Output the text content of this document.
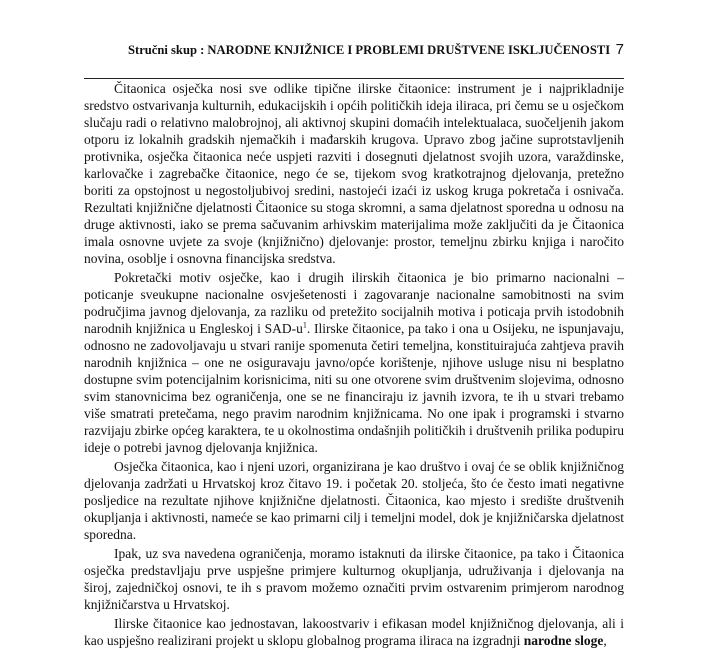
Stručni skup : NARODNE KNJIŽNICE I PROBLEMI DRUŠTVENE ISKLJUČENOSTI 7

Čitaonica osječka nosi sve odlike tipične ilirske čitaonice: instrument je i najprikladnije sredstvo ostvarivanja kulturnih, edukacijskih i općih političkih ideja iliraca, pri čemu se u osječkom slučaju radi o relativno malobrojnoj, ali aktivnoj skupini domaćih intelektualaca, suočeljenih jakom otporu iz lokalnih gradskih njemačkih i mađarskih krugova. Upravo zbog jačine suprotstavljenih protivnika, osječka čitaonica neće uspjeti razviti i dosegnuti djelatnost svojih uzora, varaždinske, karlovačke i zagrebačke čitaonice, nego će se, tijekom svog kratkotrajnog djelovanja, pretežno boriti za opstojnost u negostoljubivoj sredini, nastojeći izaći iz uskog kruga pokretača i osnivača. Rezultati knjižnične djelatnosti Čitaonice su stoga skromni, a sama djelatnost sporedna u odnosu na druge aktivnosti, iako se prema sačuvanim arhivskim materijalima može zaključiti da je Čitaonica imala osnovne uvjete za svoje (knjižnično) djelovanje: prostor, temeljnu zbirku knjiga i naročito novina, osoblje i osnovna financijska sredstva.

Pokretački motiv osječke, kao i drugih ilirskih čitaonica je bio primarno nacionalni – poticanje sveukupne nacionalne osvješetenosti i zagovaranje nacionalne samobitnosti na svim područjima javnog djelovanja, za razliku od pretežito socijalnih motiva i poticaja prvih istodobnih narodnih knjižnica u Engleskoj i SAD-$u^1$. Ilirske čitaonice, pa tako i ona u Osijeku, ne ispunjavaju, odnosno ne zadovoljavaju u stvari ranije spomenuta četiri temeljna, konstituirajuća zahtjeva pravih narodnih knjižnica – one ne osiguravaju javno/opće korištenje, njihove usluge nisu ni besplatno dostupne svim potencijalnim korisnicima, niti su one otvorene svim društvenim slojevima, odnosno svim stanovnicima bez ograničenja, one se ne financiraju iz javnih izvora, te ih u stvari trebamo više smatrati pretečama, nego pravim narodnim knjižnicama. No one ipak i programski i stvarno razvijaju zbirke općeg karaktera, te u okolnostima ondašnjih političkih i društvenih prilika podupiru ideje o potrebi javnog djelovanja knjižnica.

Osječka čitaonica, kao i njeni uzori, organizirana je kao društvo i ovaj će se oblik knjižničnog djelovanja zadržati u Hrvatskoj kroz čitavo 19. i početak 20. stoljeća, što će često imati negativne posljedice na rezultate njihove knjižnične djelatnosti. Čitaonica, kao mjesto i središte društvenih okupljanja i aktivnosti, nameće se kao primarni cilj i temeljni model, dok je knjižničarska djelatnost sporedna.

Ipak, uz sva navedena ograničenja, moramo istaknuti da ilirske čitaonice, pa tako i Čitaonica osječka predstavljaju prve uspješne primjere kulturnog okupljanja, udruživanja i djelovanja na široj, zajedničkoj osnovi, te ih s pravom možemo označiti prvim ostvarenim primjerom narodnog knjižničarstva u Hrvatskoj.

Ilirske čitaonice kao jednostavan, lakoostvariv i efikasan model knjižničnog djelovanja, ali i kao uspješno realizirani projekt u sklopu globalnog programa iliraca na izgradnji narodne sloge,
